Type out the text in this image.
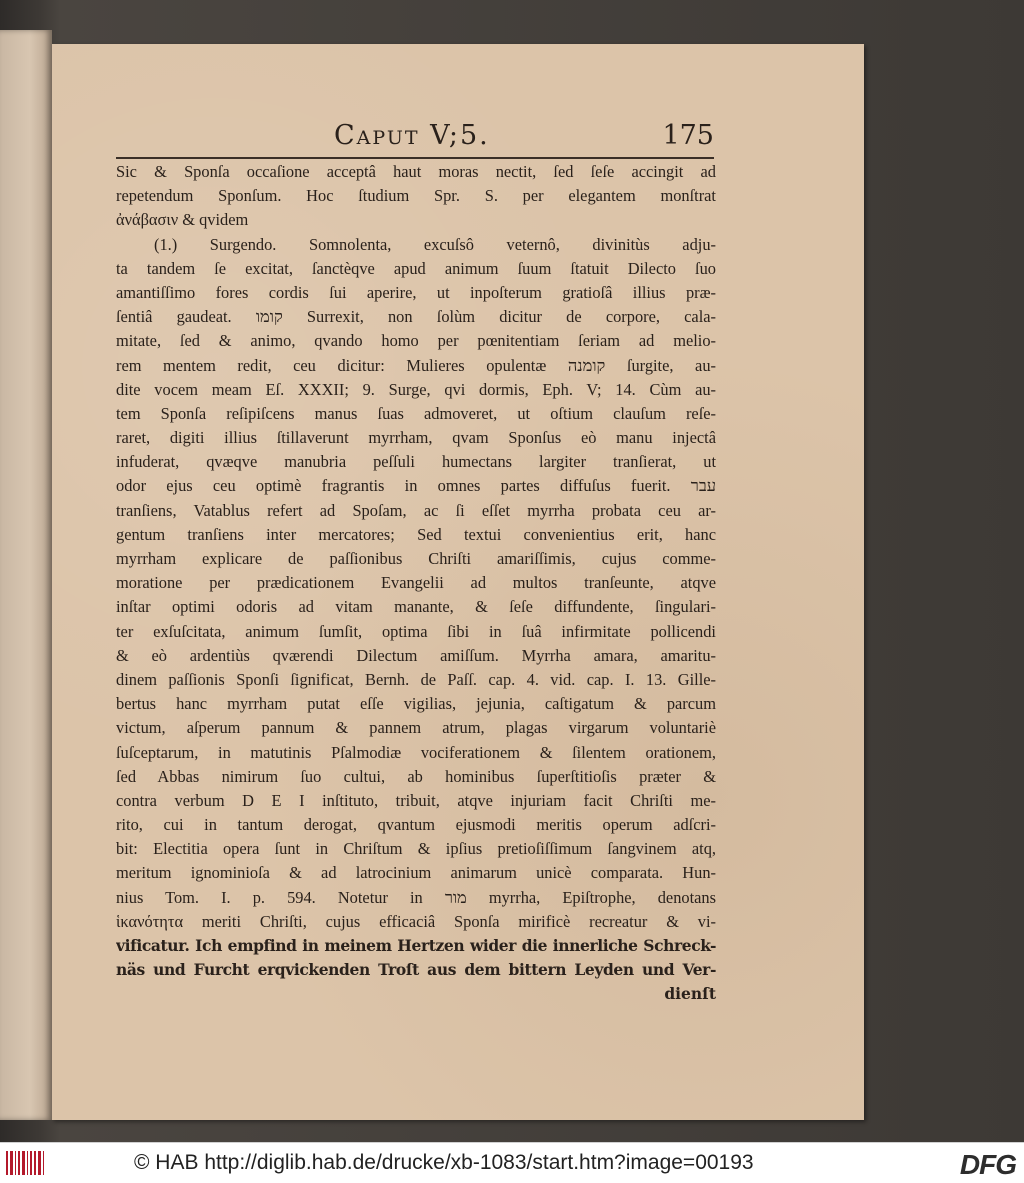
Caput V;5.	175
Sic & Sponſa occaſione acceptâ haut moras nectit, ſed ſeſe accingit ad
repetendum Sponſum. Hoc ſtudium Spr. S. per elegantem monſtrat
ἀνάβασιν & qvidem
(1.) Surgendo. Somnolenta, excuſsô veternô, divinitùs adju-
ta tandem ſe excitat, ſanctèqve apud animum ſuum ſtatuit Dilecto ſuo
amantiſſimo fores cordis ſui aperire, ut inpoſterum gratioſâ illius præ-
ſentiâ gaudeat. קומו Surrexit, non ſolùm dicitur de corpore, cala-
mitate, ſed & animo, qvando homo per pœnitentiam ſeriam ad melio-
rem mentem redit, ceu dicitur: Mulieres opulentæ קומנה ſurgite, au-
dite vocem meam Eſ. XXXII; 9. Surge, qvi dormis, Eph. V; 14. Cùm au-
tem Sponſa reſipiſcens manus ſuas admoveret, ut oſtium clauſum reſe-
raret, digiti illius ſtillaverunt myrrham, qvam Sponſus eò manu injectâ
infuderat, qvæqve manubria peſſuli humectans largiter tranſierat, ut
odor ejus ceu optimè fragrantis in omnes partes diffuſus fuerit. עבר
tranſiens, Vatablus refert ad Spoſam, ac ſi eſſet myrrha probata ceu ar-
gentum tranſiens inter mercatores; Sed textui convenientius erit, hanc
myrrham explicare de paſſionibus Chriſti amariſſimis, cujus comme-
moratione per prædicationem Evangelii ad multos tranſeunte, atqve
inſtar optimi odoris ad vitam manante, & ſeſe diffundente, ſingulari-
ter exſuſcitata, animum ſumſit, optima ſibi in ſuâ infirmitate pollicendi
& eò ardentiùs qværendi Dilectum amiſſum. Myrrha amara, amaritu-
dinem paſſionis Sponſi ſignificat, Bernh. de Paſſ. cap. 4. vid. cap. I. 13. Gille-
bertus hanc myrrham putat eſſe vigilias, jejunia, caſtigatum & parcum
victum, aſperum pannum & pannem atrum, plagas virgarum voluntariè
ſuſceptarum, in matutinis Pſalmodiæ vociferationem & ſilentem orationem,
ſed Abbas nimirum ſuo cultui, ab hominibus ſuperſtitioſis præter &
contra verbum D E I inſtituto, tribuit, atqve injuriam facit Chriſti me-
rito, cui in tantum derogat, qvantum ejusmodi meritis operum adſcri-
bit: Electitia opera ſunt in Chriſtum & ipſius pretioſiſſimum ſangvinem atq,
meritum ignominioſa & ad latrocinium animarum unicè comparata. Hun-
nius Tom. I. p. 594. Notetur in מור myrrha, Epiſtrophe, denotans
ἱκανότητα meriti Chriſti, cujus efficaciâ Sponſa mirificè recreatur & vi-
vificatur. Ich empfind in meinem Hertzen wider die innerliche Schreck-
näs und Furcht erqvickenden Troſt aus dem bittern Leyden und Ver-
dienſt
© HAB http://diglib.hab.de/drucke/xb-1083/start.htm?image=00193	DFG
